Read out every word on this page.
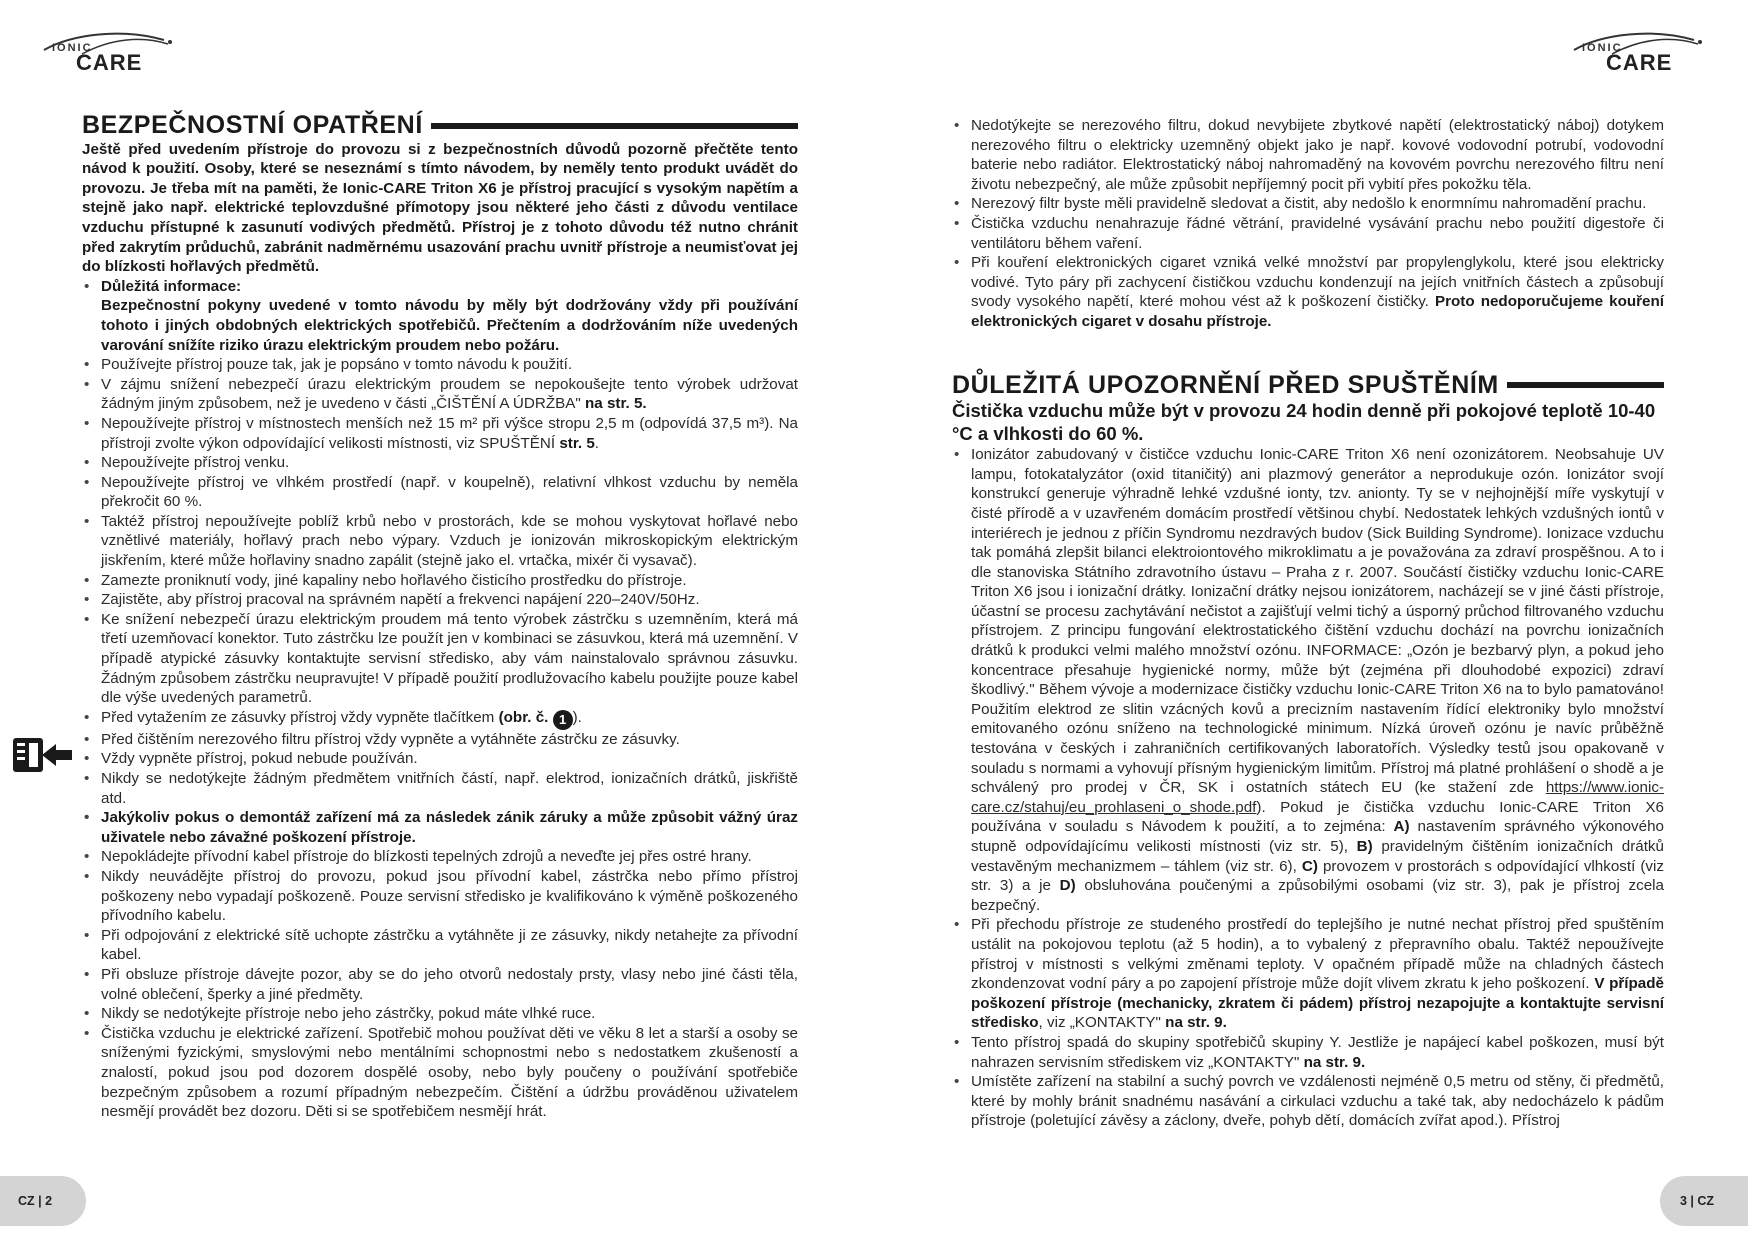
IONIC
CARE
IONIC
CARE
BEZPEČNOSTNÍ OPATŘENÍ

Ještě před uvedením přístroje do provozu si z bezpečnostních důvodů pozorně přečtěte tento návod k použití. Osoby, které se neseznámí s tímto návodem, by neměly tento produkt uvádět do provozu. Je třeba mít na paměti, že Ionic-CARE Triton X6 je přístroj pracující s vysokým napětím a stejně jako např. elektrické teplovzdušné přímotopy jsou některé jeho části z důvodu ventilace vzduchu přístupné k zasunutí vodivých předmětů. Přístroj je z tohoto důvodu též nutno chránit před zakrytím průduchů, zabránit nadměrnému usazování prachu uvnitř přístroje a neumisťovat jej do blízkosti hořlavých předmětů.

• Důležitá informace:
Bezpečnostní pokyny uvedené v tomto návodu by měly být dodržovány vždy při používání tohoto i jiných obdobných elektrických spotřebičů. Přečtením a dodržováním níže uvedených varování snížíte riziko úrazu elektrickým proudem nebo požáru.
• Používejte přístroj pouze tak, jak je popsáno v tomto návodu k použití.
• V zájmu snížení nebezpečí úrazu elektrickým proudem se nepokoušejte tento výrobek udržovat žádným jiným způsobem, než je uvedeno v části „ČIŠTĚNÍ A ÚDRŽBA" na str. 5.
• Nepoužívejte přístroj v místnostech menších než 15 m² při výšce stropu 2,5 m (odpovídá 37,5 m³). Na přístroji zvolte výkon odpovídající velikosti místnosti, viz SPUŠTĚNÍ str. 5.
• Nepoužívejte přístroj venku.
• Nepoužívejte přístroj ve vlhkém prostředí (např. v koupelně), relativní vlhkost vzduchu by neměla překročit 60 %.
• Taktéž přístroj nepoužívejte poblíž krbů nebo v prostorách, kde se mohou vyskytovat hořlavé nebo vznětlivé materiály, hořlavý prach nebo výpary. Vzduch je ionizován mikroskopickým elektrickým jiskřením, které může hořlaviny snadno zapálit (stejně jako el. vrtačka, mixér či vysavač).
• Zamezte proniknutí vody, jiné kapaliny nebo hořlavého čisticího prostředku do přístroje.
• Zajistěte, aby přístroj pracoval na správném napětí a frekvenci napájení 220–240V/50Hz.
• Ke snížení nebezpečí úrazu elektrickým proudem má tento výrobek zástrčku s uzemněním, která má třetí uzemňovací konektor. Tuto zástrčku lze použít jen v kombinaci se zásuvkou, která má uzemnění. V případě atypické zásuvky kontaktujte servisní středisko, aby vám nainstalovalo správnou zásuvku. Žádným způsobem zástrčku neupravujte! V případě použití prodlužovacího kabelu použijte pouze kabel dle výše uvedených parametrů.
• Před vytažením ze zásuvky přístroj vždy vypněte tlačítkem (obr. č. 1 ).
• Před čištěním nerezového filtru přístroj vždy vypněte a vytáhněte zástrčku ze zásuvky.
• Vždy vypněte přístroj, pokud nebude používán.
• Nikdy se nedotýkejte žádným předmětem vnitřních částí, např. elektrod, ionizačních drátků, jiskřiště atd.
• Jakýkoliv pokus o demontáž zařízení má za následek zánik záruky a může způsobit vážný úraz uživatele nebo závažné poškození přístroje.
• Nepokládejte přívodní kabel přístroje do blízkosti tepelných zdrojů a neveďte jej přes ostré hrany.
• Nikdy neuvádějte přístroj do provozu, pokud jsou přívodní kabel, zástrčka nebo přímo přístroj poškozeny nebo vypadají poškozeně. Pouze servisní středisko je kvalifikováno k výměně poškozeného přívodního kabelu.
• Při odpojování z elektrické sítě uchopte zástrčku a vytáhněte ji ze zásuvky, nikdy netahejte za přívodní kabel.
• Při obsluze přístroje dávejte pozor, aby se do jeho otvorů nedostaly prsty, vlasy nebo jiné části těla, volné oblečení, šperky a jiné předměty.
• Nikdy se nedotýkejte přístroje nebo jeho zástrčky, pokud máte vlhké ruce.
• Čistička vzduchu je elektrické zařízení. Spotřebič mohou používat děti ve věku 8 let a starší a osoby se sníženými fyzickými, smyslovými nebo mentálními schopnostmi nebo s nedostatkem zkušeností a znalostí, pokud jsou pod dozorem dospělé osoby, nebo byly poučeny o používání spotřebiče bezpečným způsobem a rozumí případným nebezpečím. Čištění a údržbu prováděnou uživatelem nesmějí provádět bez dozoru. Děti si se spotřebičem nesmějí hrát.
• Nedotýkejte se nerezového filtru, dokud nevybijete zbytkové napětí (elektrostatický náboj) dotykem nerezového filtru o elektricky uzemněný objekt jako je např. kovové vodovodní potrubí, vodovodní baterie nebo radiátor. Elektrostatický náboj nahromaděný na kovovém povrchu nerezového filtru není životu nebezpečný, ale může způsobit nepříjemný pocit při vybití přes pokožku těla.
• Nerezový filtr byste měli pravidelně sledovat a čistit, aby nedošlo k enormnímu nahromadění prachu.
• Čistička vzduchu nenahrazuje řádné větrání, pravidelné vysávání prachu nebo použití digestoře či ventilátoru během vaření.
• Při kouření elektronických cigaret vzniká velké množství par propylenglykolu, které jsou elektricky vodivé. Tyto páry při zachycení čističkou vzduchu kondenzují na jejích vnitřních částech a způsobují svody vysokého napětí, které mohou vést až k poškození čističky. Proto nedoporučujeme kouření elektronických cigaret v dosahu přístroje.
DŮLEŽITÁ UPOZORNĚNÍ PŘED SPUŠTĚNÍM

Čistička vzduchu může být v provozu 24 hodin denně při pokojové teplotě 10-40 °C a vlhkosti do 60 %.

• Ionizátor zabudovaný v čističce vzduchu Ionic-CARE Triton X6 není ozonizátorem. Neobsahuje UV lampu, fotokatalyzátor (oxid titaničitý) ani plazmový generátor a neprodukuje ozón. Ionizátor svojí konstrukcí generuje výhradně lehké vzdušné ionty, tzv. anionty. Ty se v nejhojnější míře vyskytují v čisté přírodě a v uzavřeném domácím prostředí většinou chybí. Nedostatek lehkých vzdušných iontů v interiérech je jednou z příčin Syndromu nezdravých budov (Sick Building Syndrome). Ionizace vzduchu tak pomáhá zlepšit bilanci elektroiontového mikroklimatu a je považována za zdraví prospěšnou. A to i dle stanoviska Státního zdravotního ústavu – Praha z r. 2007. Součástí čističky vzduchu Ionic-CARE Triton X6 jsou i ionizační drátky. Ionizační drátky nejsou ionizátorem, nacházejí se v jiné části přístroje, účastní se procesu zachytávání nečistot a zajišťují velmi tichý a úsporný průchod filtrovaného vzduchu přístrojem. Z principu fungování elektrostatického čištění vzduchu dochází na povrchu ionizačních drátků k produkci velmi malého množství ozónu. INFORMACE: „Ozón je bezbarvý plyn, a pokud jeho koncentrace přesahuje hygienické normy, může být (zejména při dlouhodobé expozici) zdraví škodlivý." Během vývoje a modernizace čističky vzduchu Ionic-CARE Triton X6 na to bylo pamatováno! Použitím elektrod ze slitin vzácných kovů a precizním nastavením řídící elektroniky bylo množství emitovaného ozónu sníženo na technologické minimum. Nízká úroveň ozónu je navíc průběžně testována v českých i zahraničních certifikovaných laboratořích. Výsledky testů jsou opakovaně v souladu s normami a vyhovují přísným hygienickým limitům. Přístroj má platné prohlášení o shodě a je schválený pro prodej v ČR, SK i ostatních státech EU (ke stažení zde https://www.ionic-care.cz/stahuj/eu_prohlaseni_o_shode.pdf). Pokud je čistička vzduchu Ionic-CARE Triton X6 používána v souladu s Návodem k použití, a to zejména: A) nastavením správného výkonového stupně odpovídajícímu velikosti místnosti (viz str. 5), B) pravidelným čištěním ionizačních drátků vestavěným mechanizmem – táhlem (viz str. 6), C) provozem v prostorách s odpovídající vlhkostí (viz str. 3) a je D) obsluhována poučenými a způsobilými osobami (viz str. 3), pak je přístroj zcela bezpečný.
• Při přechodu přístroje ze studeného prostředí do teplejšího je nutné nechat přístroj před spuštěním ustálit na pokojovou teplotu (až 5 hodin), a to vybalený z přepravního obalu. Taktéž nepoužívejte přístroj v místnosti s velkými změnami teploty. V opačném případě může na chladných částech zkondenzovat vodní páry a po zapojení přístroje může dojít vlivem zkratu k jeho poškození. V případě poškození přístroje (mechanicky, zkratem či pádem) přístroj nezapojujte a kontaktujte servisní středisko, viz „KONTAKTY" na str. 9.
• Tento přístroj spadá do skupiny spotřebičů skupiny Y. Jestliže je napájecí kabel poškozen, musí být nahrazen servisním střediskem viz „KONTAKTY" na str. 9.
• Umístěte zařízení na stabilní a suchý povrch ve vzdálenosti nejméně 0,5 metru od stěny, či předmětů, které by mohly bránit snadnému nasávání a cirkulaci vzduchu a také tak, aby nedocházelo k pádům přístroje (poletující závěsy a záclony, dveře, pohyb dětí, domácích zvířat apod.). Přístroj
CZ | 2	3 | CZ
